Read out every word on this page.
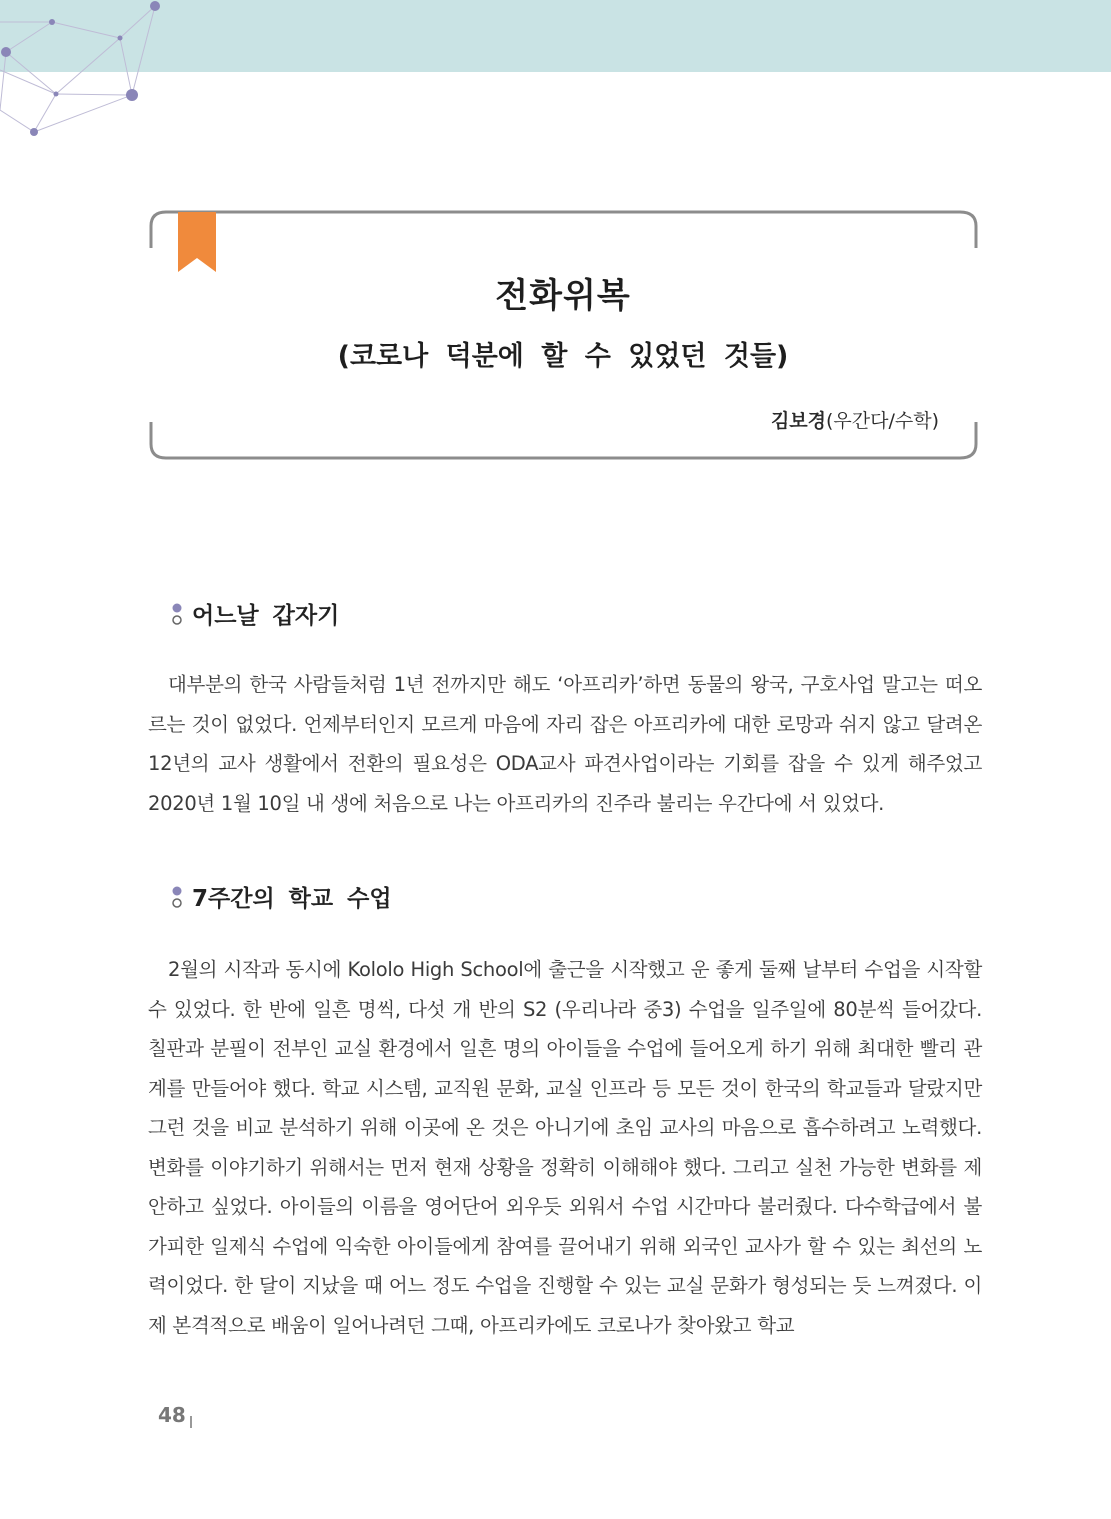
전화위복
(코로나 덕분에 할 수 있었던 것들)
김보경(우간다/수학)
어느날 갑자기
대부분의 한국 사람들처럼 1년 전까지만 해도 ‘아프리카’하면 동물의 왕국, 구호사업 말고는 떠오르는 것이 없었다. 언제부터인지 모르게 마음에 자리 잡은 아프리카에 대한 로망과 쉬지 않고 달려온 12년의 교사 생활에서 전환의 필요성은 ODA교사 파견사업이라는 기회를 잡을 수 있게 해주었고 2020년 1월 10일 내 생에 처음으로 나는 아프리카의 진주라 불리는 우간다에 서 있었다.
7주간의 학교 수업
2월의 시작과 동시에 Kololo High School에 출근을 시작했고 운 좋게 둘째 날부터 수업을 시작할 수 있었다. 한 반에 일흔 명씩, 다섯 개 반의 S2 (우리나라 중3) 수업을 일주일에 80분씩 들어갔다. 칠판과 분필이 전부인 교실 환경에서 일흔 명의 아이들을 수업에 들어오게 하기 위해 최대한 빨리 관계를 만들어야 했다. 학교 시스템, 교직원 문화, 교실 인프라 등 모든 것이 한국의 학교들과 달랐지만 그런 것을 비교 분석하기 위해 이곳에 온 것은 아니기에 초임 교사의 마음으로 흡수하려고 노력했다. 변화를 이야기하기 위해서는 먼저 현재 상황을 정확히 이해해야 했다. 그리고 실천 가능한 변화를 제안하고 싶었다. 아이들의 이름을 영어단어 외우듯 외워서 수업 시간마다 불러줬다. 다수학급에서 불가피한 일제식 수업에 익숙한 아이들에게 참여를 끌어내기 위해 외국인 교사가 할 수 있는 최선의 노력이었다. 한 달이 지났을 때 어느 정도 수업을 진행할 수 있는 교실 문화가 형성되는 듯 느껴졌다. 이제 본격적으로 배움이 일어나려던 그때, 아프리카에도 코로나가 찾아왔고 학교
48
